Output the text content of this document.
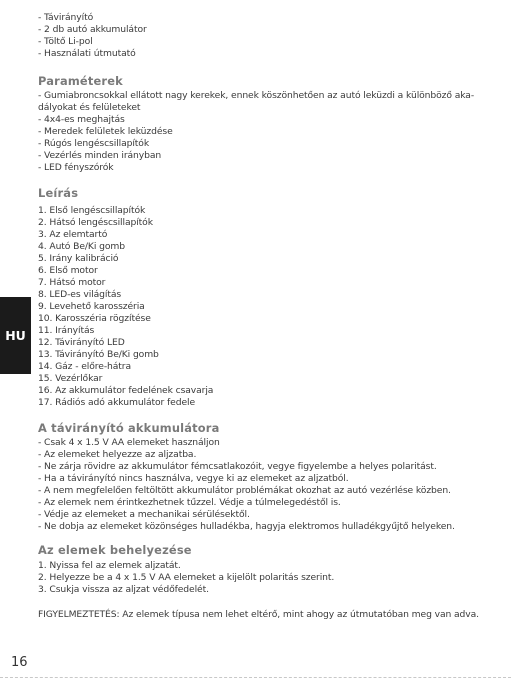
HU
- Távirányító
- 2 db autó akkumulátor
- Töltő Li-pol
- Használati útmutató
Paraméterek
- Gumiabroncsokkal ellátott nagy kerekek, ennek köszönhetően az autó leküzdi a különböző aka-
dályokat és felületeket
- 4x4-es meghajtás
- Meredek felületek leküzdése
- Rúgós lengéscsillapítók
- Vezérlés minden irányban
- LED fényszórók
Leírás
1. Első lengéscsillapítók
2. Hátsó lengéscsillapítók
3. Az elemtartó
4. Autó Be/Ki gomb
5. Irány kalibráció
6. Első motor
7. Hátsó motor
8. LED-es világítás
9. Levehető karosszéria
10. Karosszéria rögzítése
11. Irányítás
12. Távirányító LED
13. Távirányító Be/Ki gomb
14. Gáz - előre-hátra
15. Vezérlőkar
16. Az akkumulátor fedelének csavarja
17. Rádiós adó akkumulátor fedele
A távirányító akkumulátora
- Csak 4 x 1.5 V AA elemeket használjon
- Az elemeket helyezze az aljzatba.
- Ne zárja rövidre az akkumulátor fémcsatlakozóit, vegye figyelembe a helyes polaritást.
- Ha a távirányító nincs használva, vegye ki az elemeket az aljzatból.
- A nem megfelelően feltöltött akkumulátor problémákat okozhat az autó vezérlése közben.
- Az elemek nem érintkezhetnek tűzzel. Védje a túlmelegedéstől is.
- Védje az elemeket a mechanikai sérülésektől.
- Ne dobja az elemeket közönséges hulladékba, hagyja elektromos hulladékgyűjtő helyeken.
Az elemek behelyezése
1. Nyissa fel az elemek aljzatát.
2. Helyezze be a 4 x 1.5 V AA elemeket a kijelölt polaritás szerint.
3. Csukja vissza az aljzat védőfedelét.
FIGYELMEZTETÉS: Az elemek típusa nem lehet eltérő, mint ahogy az útmutatóban meg van adva.
16
